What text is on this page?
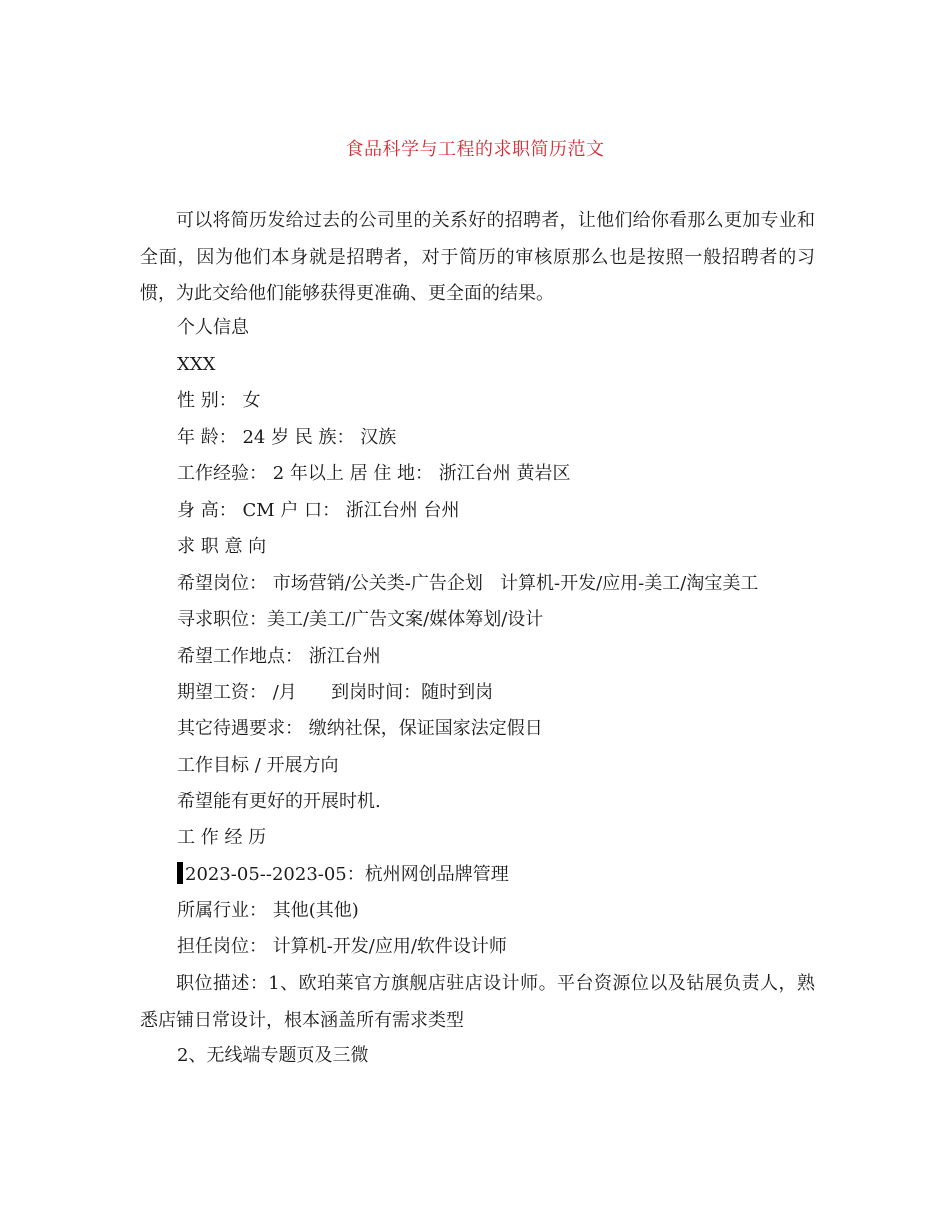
食品科学与工程的求职简历范文
可以将简历发给过去的公司里的关系好的招聘者，让他们给你看那么更加专业和全面，因为他们本身就是招聘者，对于简历的审核原那么也是按照一般招聘者的习惯，为此交给他们能够获得更准确、更全面的结果。
个人信息
XXX
性 别： 女
年 龄： 24 岁 民 族： 汉族
工作经验： 2 年以上 居 住 地： 浙江台州 黄岩区
身 高： CM 户 口： 浙江台州 台州
求 职 意 向
希望岗位： 市场营销/公关类-广告企划   计算机-开发/应用-美工/淘宝美工
寻求职位：美工/美工/广告文案/媒体筹划/设计
希望工作地点： 浙江台州
期望工资： /月      到岗时间：随时到岗
其它待遇要求： 缴纳社保，保证国家法定假日
工作目标 / 开展方向
希望能有更好的开展时机.
工 作 经 历
2023-05--2023-05：杭州网创品牌管理
所属行业： 其他(其他)
担任岗位： 计算机-开发/应用/软件设计师
职位描述：1、欧珀莱官方旗舰店驻店设计师。平台资源位以及钻展负责人，熟悉店铺日常设计，根本涵盖所有需求类型
2、无线端专题页及三微
